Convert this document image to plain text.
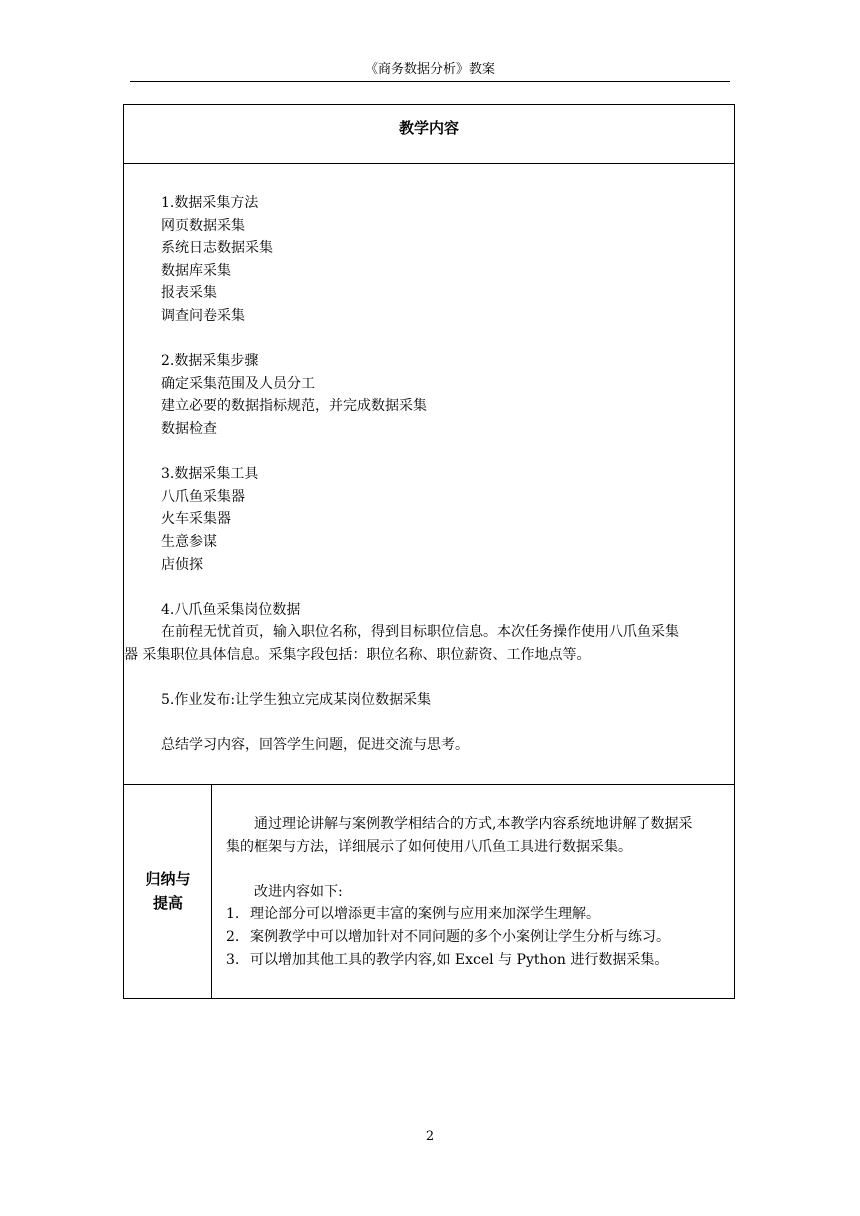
《商务数据分析》教案
教学内容
1.数据采集方法
网页数据采集
系统日志数据采集
数据库采集
报表采集
调查问卷采集
2.数据采集步骤
确定采集范围及人员分工
建立必要的数据指标规范，并完成数据采集
数据检查
3.数据采集工具
八爪鱼采集器
火车采集器
生意参谋
店侦探
4.八爪鱼采集岗位数据
在前程无忧首页，输入职位名称，得到目标职位信息。本次任务操作使用八爪鱼采集
器 采集职位具体信息。采集字段包括：职位名称、职位薪资、工作地点等。
5.作业发布:让学生独立完成某岗位数据采集
总结学习内容，回答学生问题，促进交流与思考。
归纳与
提高
通过理论讲解与案例教学相结合的方式,本教学内容系统地讲解了数据采
集的框架与方法，详细展示了如何使用八爪鱼工具进行数据采集。
改进内容如下:
1. 理论部分可以增添更丰富的案例与应用来加深学生理解。
2. 案例教学中可以增加针对不同问题的多个小案例让学生分析与练习。
3. 可以增加其他工具的教学内容,如 Excel 与 Python 进行数据采集。
2
